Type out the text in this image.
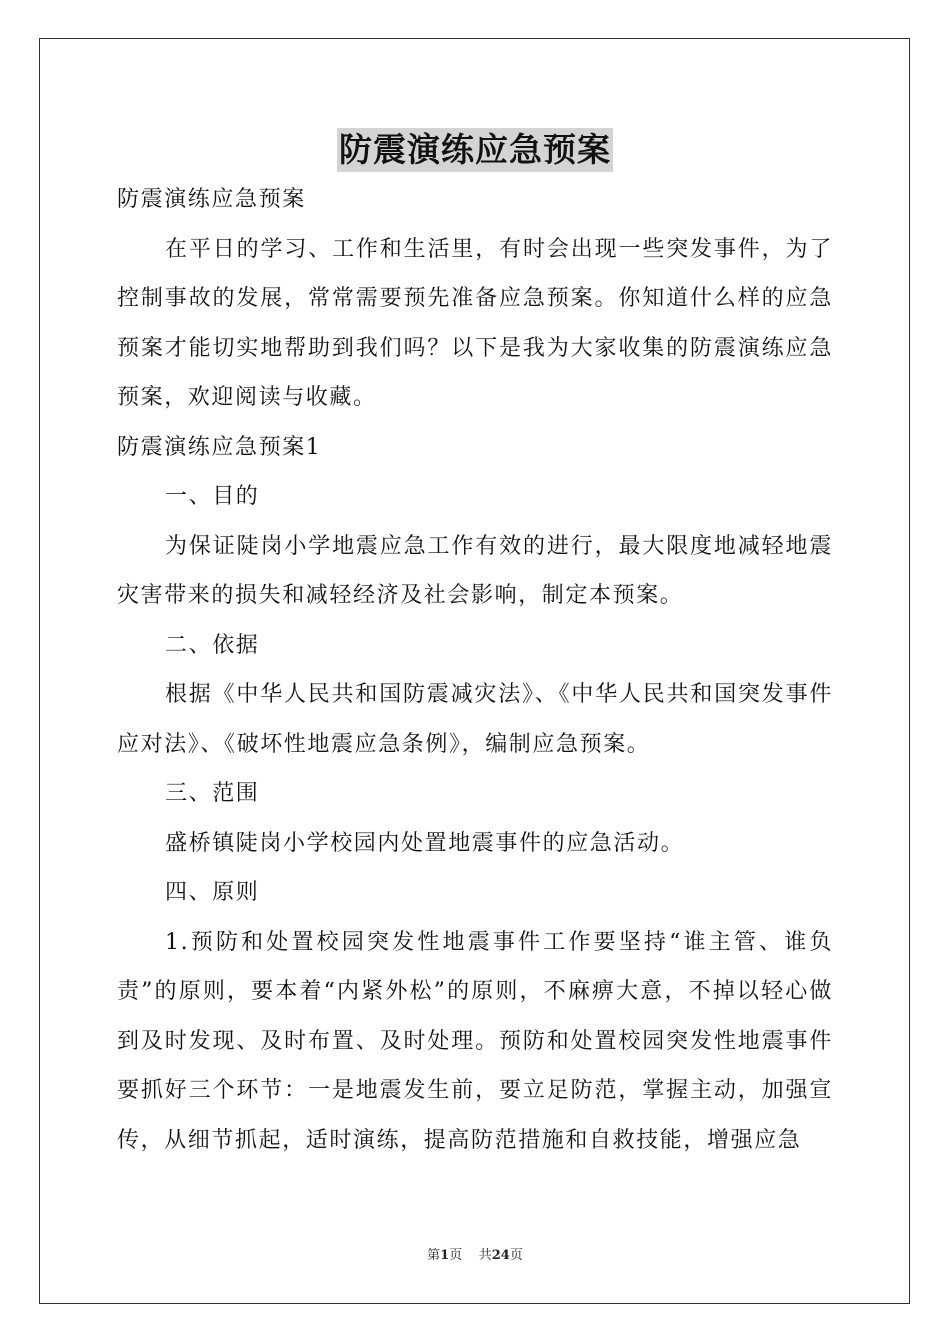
防震演练应急预案

防震演练应急预案

在平日的学习、工作和生活里，有时会出现一些突发事件，为了控制事故的发展，常常需要预先准备应急预案。你知道什么样的应急预案才能切实地帮助到我们吗？以下是我为大家收集的防震演练应急预案，欢迎阅读与收藏。

防震演练应急预案1

一、目的

为保证陡岗小学地震应急工作有效的进行，最大限度地减轻地震灾害带来的损失和减轻经济及社会影响，制定本预案。

二、依据

根据《中华人民共和国防震减灾法》、《中华人民共和国突发事件应对法》、《破坏性地震应急条例》，编制应急预案。

三、范围

盛桥镇陡岗小学校园内处置地震事件的应急活动。

四、原则

1.预防和处置校园突发性地震事件工作要坚持“谁主管、谁负责”的原则，要本着“内紧外松”的原则，不麻痹大意，不掉以轻心做到及时发现、及时布置、及时处理。预防和处置校园突发性地震事件要抓好三个环节：一是地震发生前，要立足防范，掌握主动，加强宣传，从细节抓起，适时演练，提高防范措施和自救技能，增强应急

第1页 共24页
